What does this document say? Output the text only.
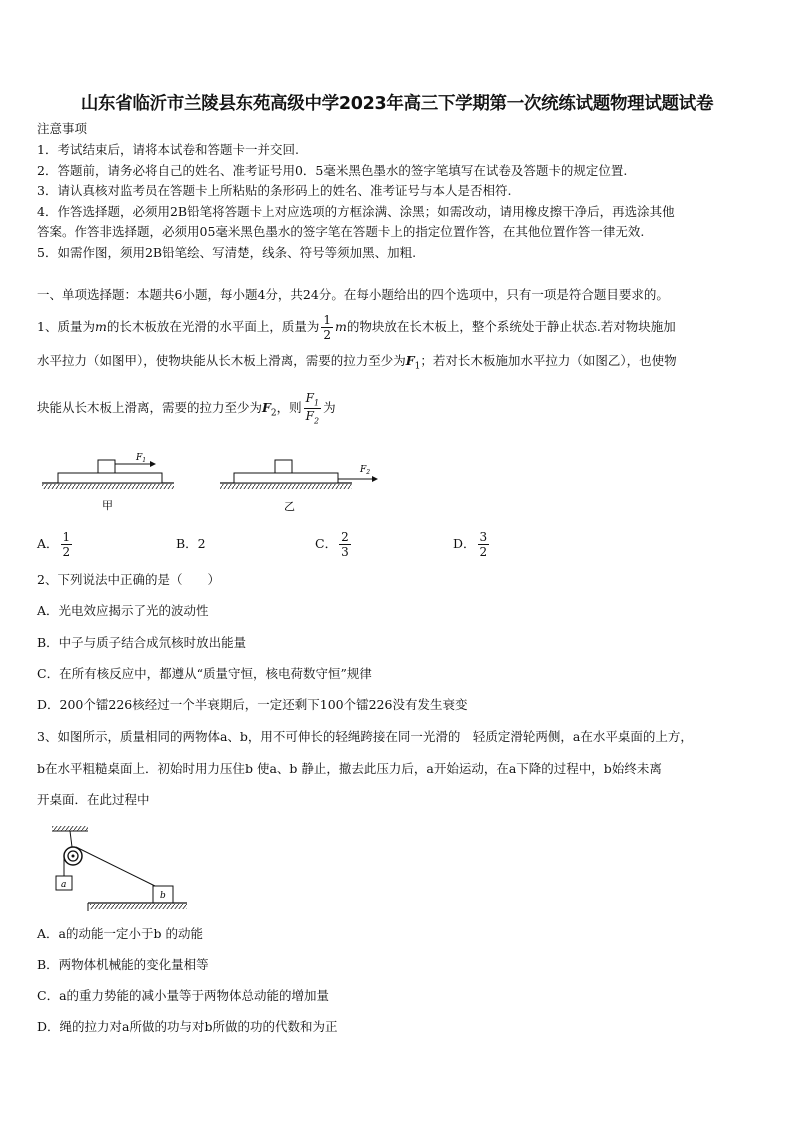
山东省临沂市兰陵县东苑高级中学2023年高三下学期第一次统练试题物理试题试卷
注意事项
1．考试结束后，请将本试卷和答题卡一并交回.
2．答题前，请务必将自己的姓名、准考证号用0．5毫米黑色墨水的签字笔填写在试卷及答题卡的规定位置.
3．请认真核对监考员在答题卡上所粘贴的条形码上的姓名、准考证号与本人是否相符.
4．作答选择题，必须用2B铅笔将答题卡上对应选项的方框涂满、涂黑；如需改动，请用橡皮擦干净后，再选涂其他
答案。作答非选择题，必须用05毫米黑色墨水的签字笔在答题卡上的指定位置作答，在其他位置作答一律无效.
5．如需作图，须用2B铅笔绘、写清楚，线条、符号等须加黑、加粗.
一、单项选择题：本题共6小题，每小题4分，共24分。在每小题给出的四个选项中，只有一项是符合题目要求的。
1、质量为m的长木板放在光滑的水平面上，质量为 $\frac{1}{2}$ m的物块放在长木板上，整个系统处于静止状态.若对物块施加
水平拉力（如图甲），使物块能从长木板上滑离，需要的拉力至少为$F_1$；若对长木板施加水平拉力（如图乙），也使物
块能从长木板上滑离，需要的拉力至少为$F_2$，则 $\frac{F_1}{F_2}$ 为
$F_1$
甲
$F_2$
乙
A． $\frac{1}{2}$	B．2	C． $\frac{2}{3}$	D． $\frac{3}{2}$
2、下列说法中正确的是（　　）
A．光电效应揭示了光的波动性
B．中子与质子结合成氘核时放出能量
C．在所有核反应中，都遵从“质量守恒，核电荷数守恒”规律
D．200个镭226核经过一个半衰期后，一定还剩下100个镭226没有发生衰变
3、如图所示，质量相同的两物体a、b，用不可伸长的轻绳跨接在同一光滑的　轻质定滑轮两侧，a在水平桌面的上方，
b在水平粗糙桌面上．初始时用力压住b 使a、b 静止，撤去此压力后，a开始运动，在a下降的过程中，b始终未离
开桌面．在此过程中
a
b
A．a的动能一定小于b 的动能
B．两物体机械能的变化量相等
C．a的重力势能的减小量等于两物体总动能的增加量
D．绳的拉力对a所做的功与对b所做的功的代数和为正
